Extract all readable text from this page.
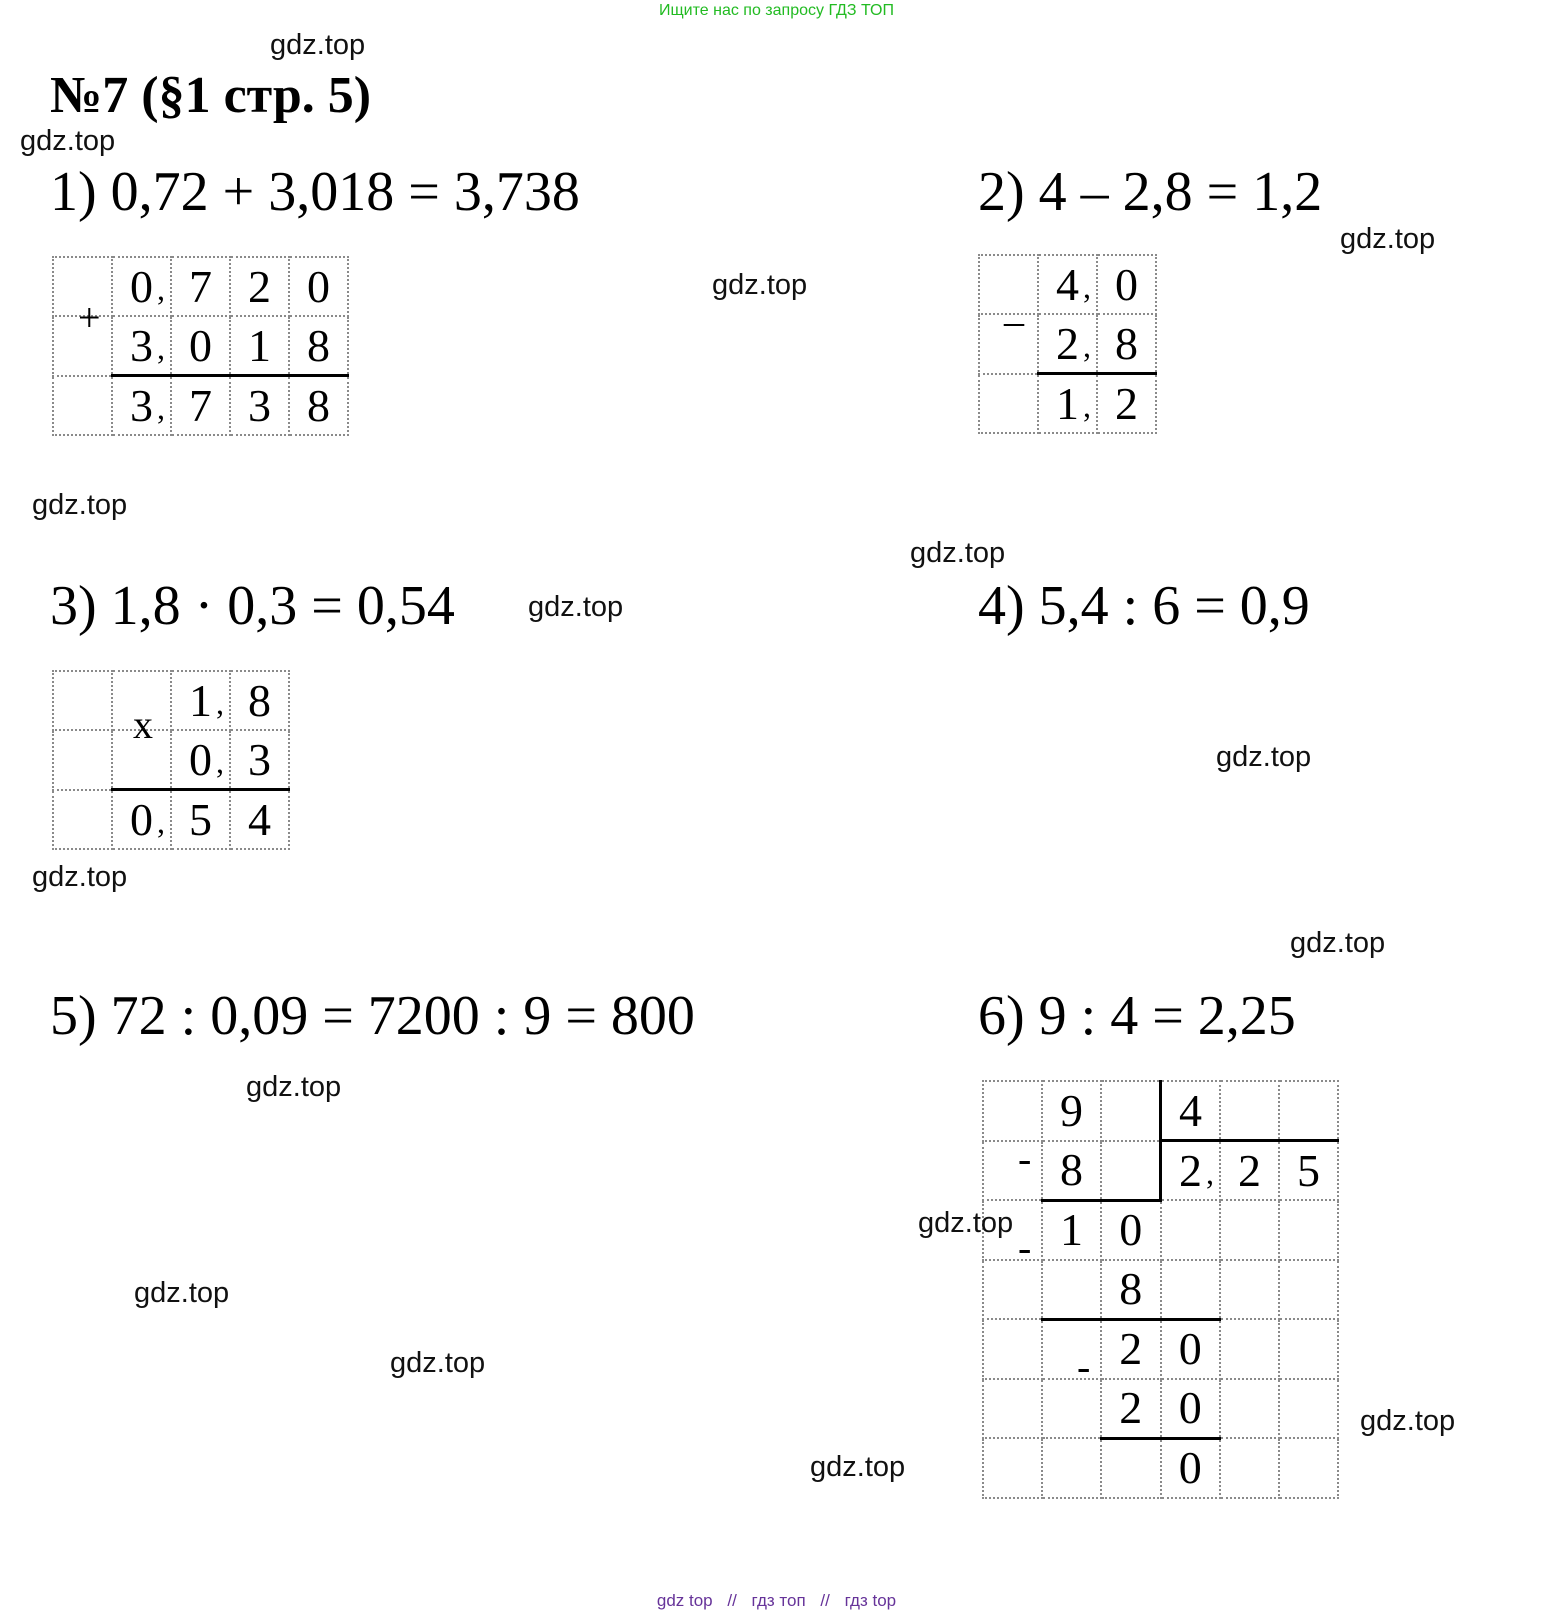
Ищите нас по запросу ГДЗ ТОП
№7 (§1 стр. 5)
1) 0,72 + 3,018 = 3,738	2) 4 – 2,8 = 1,2
3) 1,8 · 0,3 = 0,54	4) 5,4 : 6 = 0,9
5) 72 : 0,09 = 7200 : 9 = 800	6) 9 : 4 = 2,25
	0 ,	7	2	0

+	3 ,	0	1	8
	3 ,	7	3	8
	4 ,	0

_	2 ,	8
	1 ,	2

	x	1 ,	8
		0 ,	3
	0 ,	5	4
	9		4		

-	8		2 ,	2	5
	1	0			

-		8			
		2	0		

	-	2	0		
			0		
gdz.top
gdz.top
gdz.top
gdz.top
gdz.top
gdz.top
gdz.top
gdz.top
gdz.top
gdz.top
gdz.top
gdz.top
gdz.top
gdz.top
gdz.top
gdz.top
gdz top // гдз топ // гдз top
